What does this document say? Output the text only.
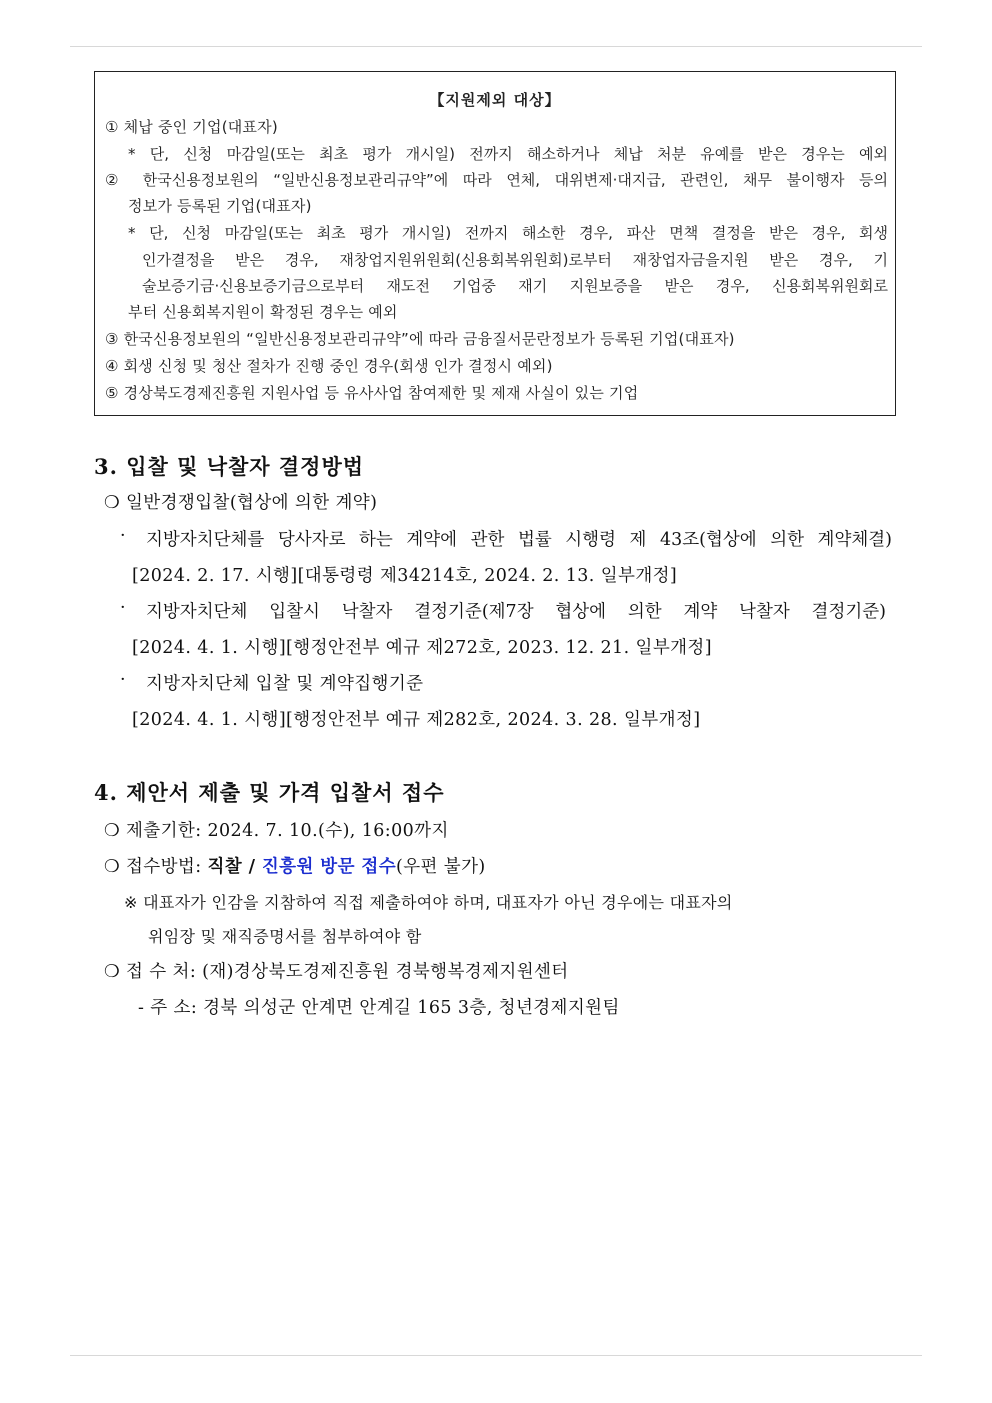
【지원제외 대상】
① 체납 중인 기업(대표자)
* 단, 신청 마감일(또는 최초 평가 개시일) 전까지 해소하거나 체납 처분 유예를 받은 경우는 예외
② 한국신용정보원의 “일반신용정보관리규약”에 따라 연체, 대위변제·대지급, 관련인, 채무 불이행자 등의
정보가 등록된 기업(대표자)
* 단, 신청 마감일(또는 최초 평가 개시일) 전까지 해소한 경우, 파산 면책 결정을 받은 경우, 회생
인가결정을 받은 경우, 재창업지원위원회(신용회복위원회)로부터 재창업자금을지원 받은 경우, 기
술보증기금·신용보증기금으로부터 재도전 기업중 재기 지원보증을 받은 경우, 신용회복위원회로
부터 신용회복지원이 확정된 경우는 예외
③ 한국신용정보원의 “일반신용정보관리규약”에 따라 금융질서문란정보가 등록된 기업(대표자)
④ 회생 신청 및 청산 절차가 진행 중인 경우(회생 인가 결정시 예외)
⑤ 경상북도경제진흥원 지원사업 등 유사사업 참여제한 및 제재 사실이 있는 기업
3. 입찰 및 낙찰자 결정방법
❍ 일반경쟁입찰(협상에 의한 계약)
· 지방자치단체를 당사자로 하는 계약에 관한 법률 시행령 제 43조(협상에 의한 계약체결)
[2024. 2. 17. 시행][대통령령 제34214호, 2024. 2. 13. 일부개정]
· 지방자치단체 입찰시 낙찰자 결정기준(제7장 협상에 의한 계약 낙찰자 결정기준)
[2024. 4. 1. 시행][행정안전부 예규 제272호, 2023. 12. 21. 일부개정]
· 지방자치단체 입찰 및 계약집행기준
[2024. 4. 1. 시행][행정안전부 예규 제282호, 2024. 3. 28. 일부개정]
4. 제안서 제출 및 가격 입찰서 접수
❍ 제출기한: 2024. 7. 10.(수), 16:00까지
❍ 접수방법: 직찰 / 진흥원 방문 접수(우편 불가)
※ 대표자가 인감을 지참하여 직접 제출하여야 하며, 대표자가 아닌 경우에는 대표자의
위임장 및 재직증명서를 첨부하여야 함
❍ 접 수 처: (재)경상북도경제진흥원 경북행복경제지원센터
- 주 소: 경북 의성군 안계면 안계길 165 3층, 청년경제지원팀
